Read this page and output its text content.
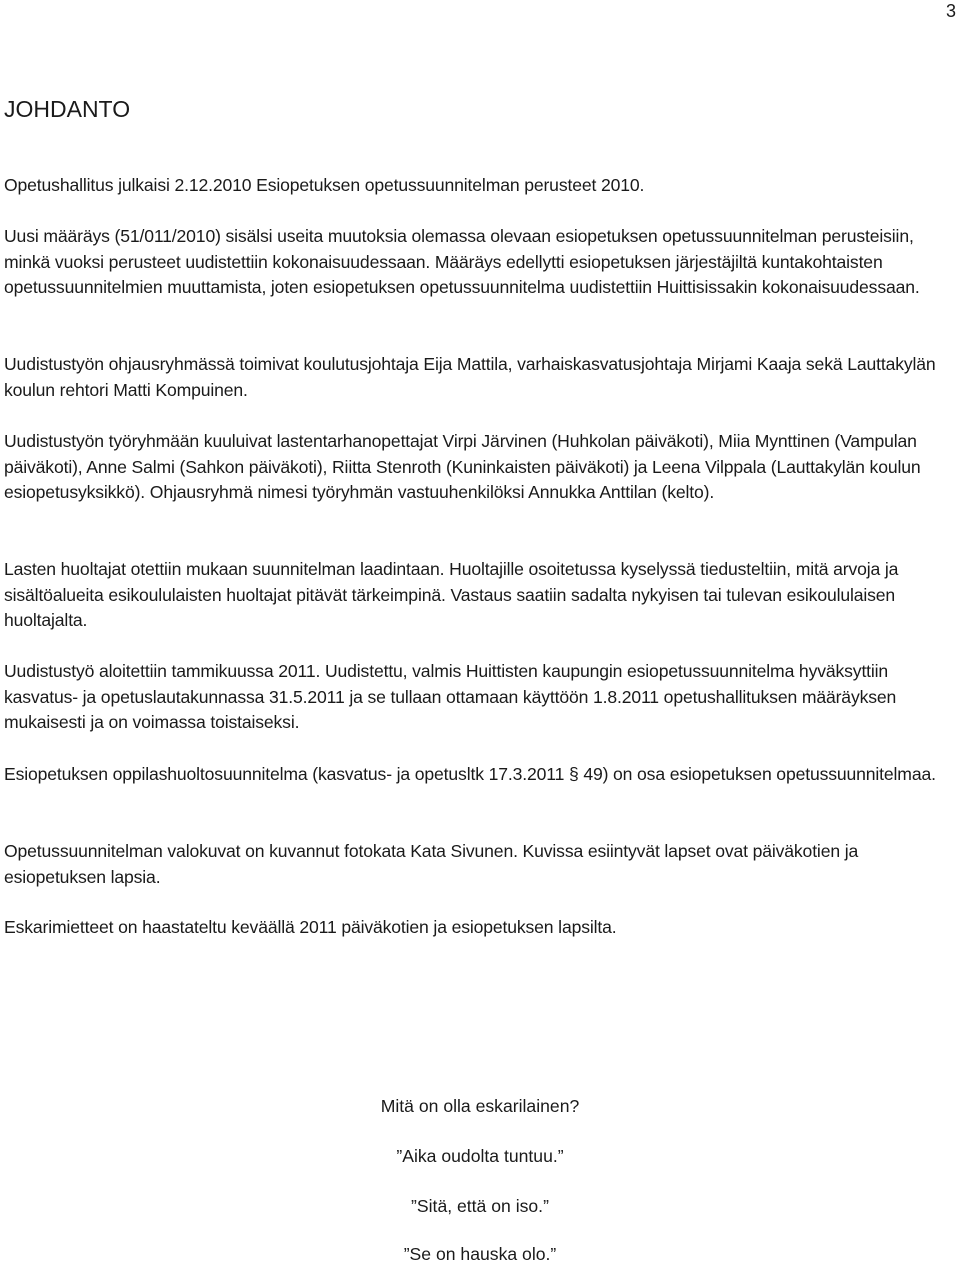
3
JOHDANTO

Opetushallitus julkaisi 2.12.2010 Esiopetuksen opetussuunnitelman perusteet 2010.

Uusi määräys (51/011/2010) sisälsi useita muutoksia olemassa olevaan esiopetuksen opetussuunnitelman perusteisiin, minkä vuoksi perusteet uudistettiin kokonaisuudessaan. Määräys edellytti esiopetuksen järjestäjiltä kuntakohtaisten opetussuunnitelmien muuttamista, joten esiopetuksen opetussuunnitelma uudistettiin Huittisissakin kokonaisuudessaan.

Uudistustyön ohjausryhmässä toimivat koulutusjohtaja Eija Mattila, varhaiskasvatusjohtaja Mirjami Kaaja sekä Lauttakylän koulun rehtori Matti Kompuinen.

Uudistustyön työryhmään kuuluivat lastentarhanopettajat Virpi Järvinen (Huhkolan päiväkoti), Miia Mynttinen (Vampulan päiväkoti), Anne Salmi (Sahkon päiväkoti), Riitta Stenroth (Kuninkaisten päiväkoti) ja Leena Vilppala (Lauttakylän koulun esiopetusyksikkö). Ohjausryhmä nimesi työryhmän vastuuhenkilöksi Annukka Anttilan (kelto).

Lasten huoltajat otettiin mukaan suunnitelman laadintaan. Huoltajille osoitetussa kyselyssä tiedusteltiin, mitä arvoja ja sisältöalueita esikoululaisten huoltajat pitävät tärkeimpinä. Vastaus saatiin sadalta nykyisen tai tulevan esikoululaisen huoltajalta.

Uudistustyö aloitettiin tammikuussa 2011. Uudistettu, valmis Huittisten kaupungin esiopetussuunnitelma hyväksyttiin kasvatus- ja opetuslautakunnassa 31.5.2011 ja se tullaan ottamaan käyttöön 1.8.2011 opetushallituksen määräyksen mukaisesti ja on voimassa toistaiseksi.

Esiopetuksen oppilashuoltosuunnitelma (kasvatus- ja opetusltk 17.3.2011 § 49) on osa esiopetuksen opetussuunnitelmaa.

Opetussuunnitelman valokuvat on kuvannut fotokata Kata Sivunen. Kuvissa esiintyvät lapset ovat päiväkotien ja esiopetuksen lapsia.

Eskarimietteet on haastateltu keväällä 2011 päiväkotien ja esiopetuksen lapsilta.

Mitä on olla eskarilainen?
”Aika oudolta tuntuu.”
”Sitä, että on iso.”
”Se on hauska olo.”
